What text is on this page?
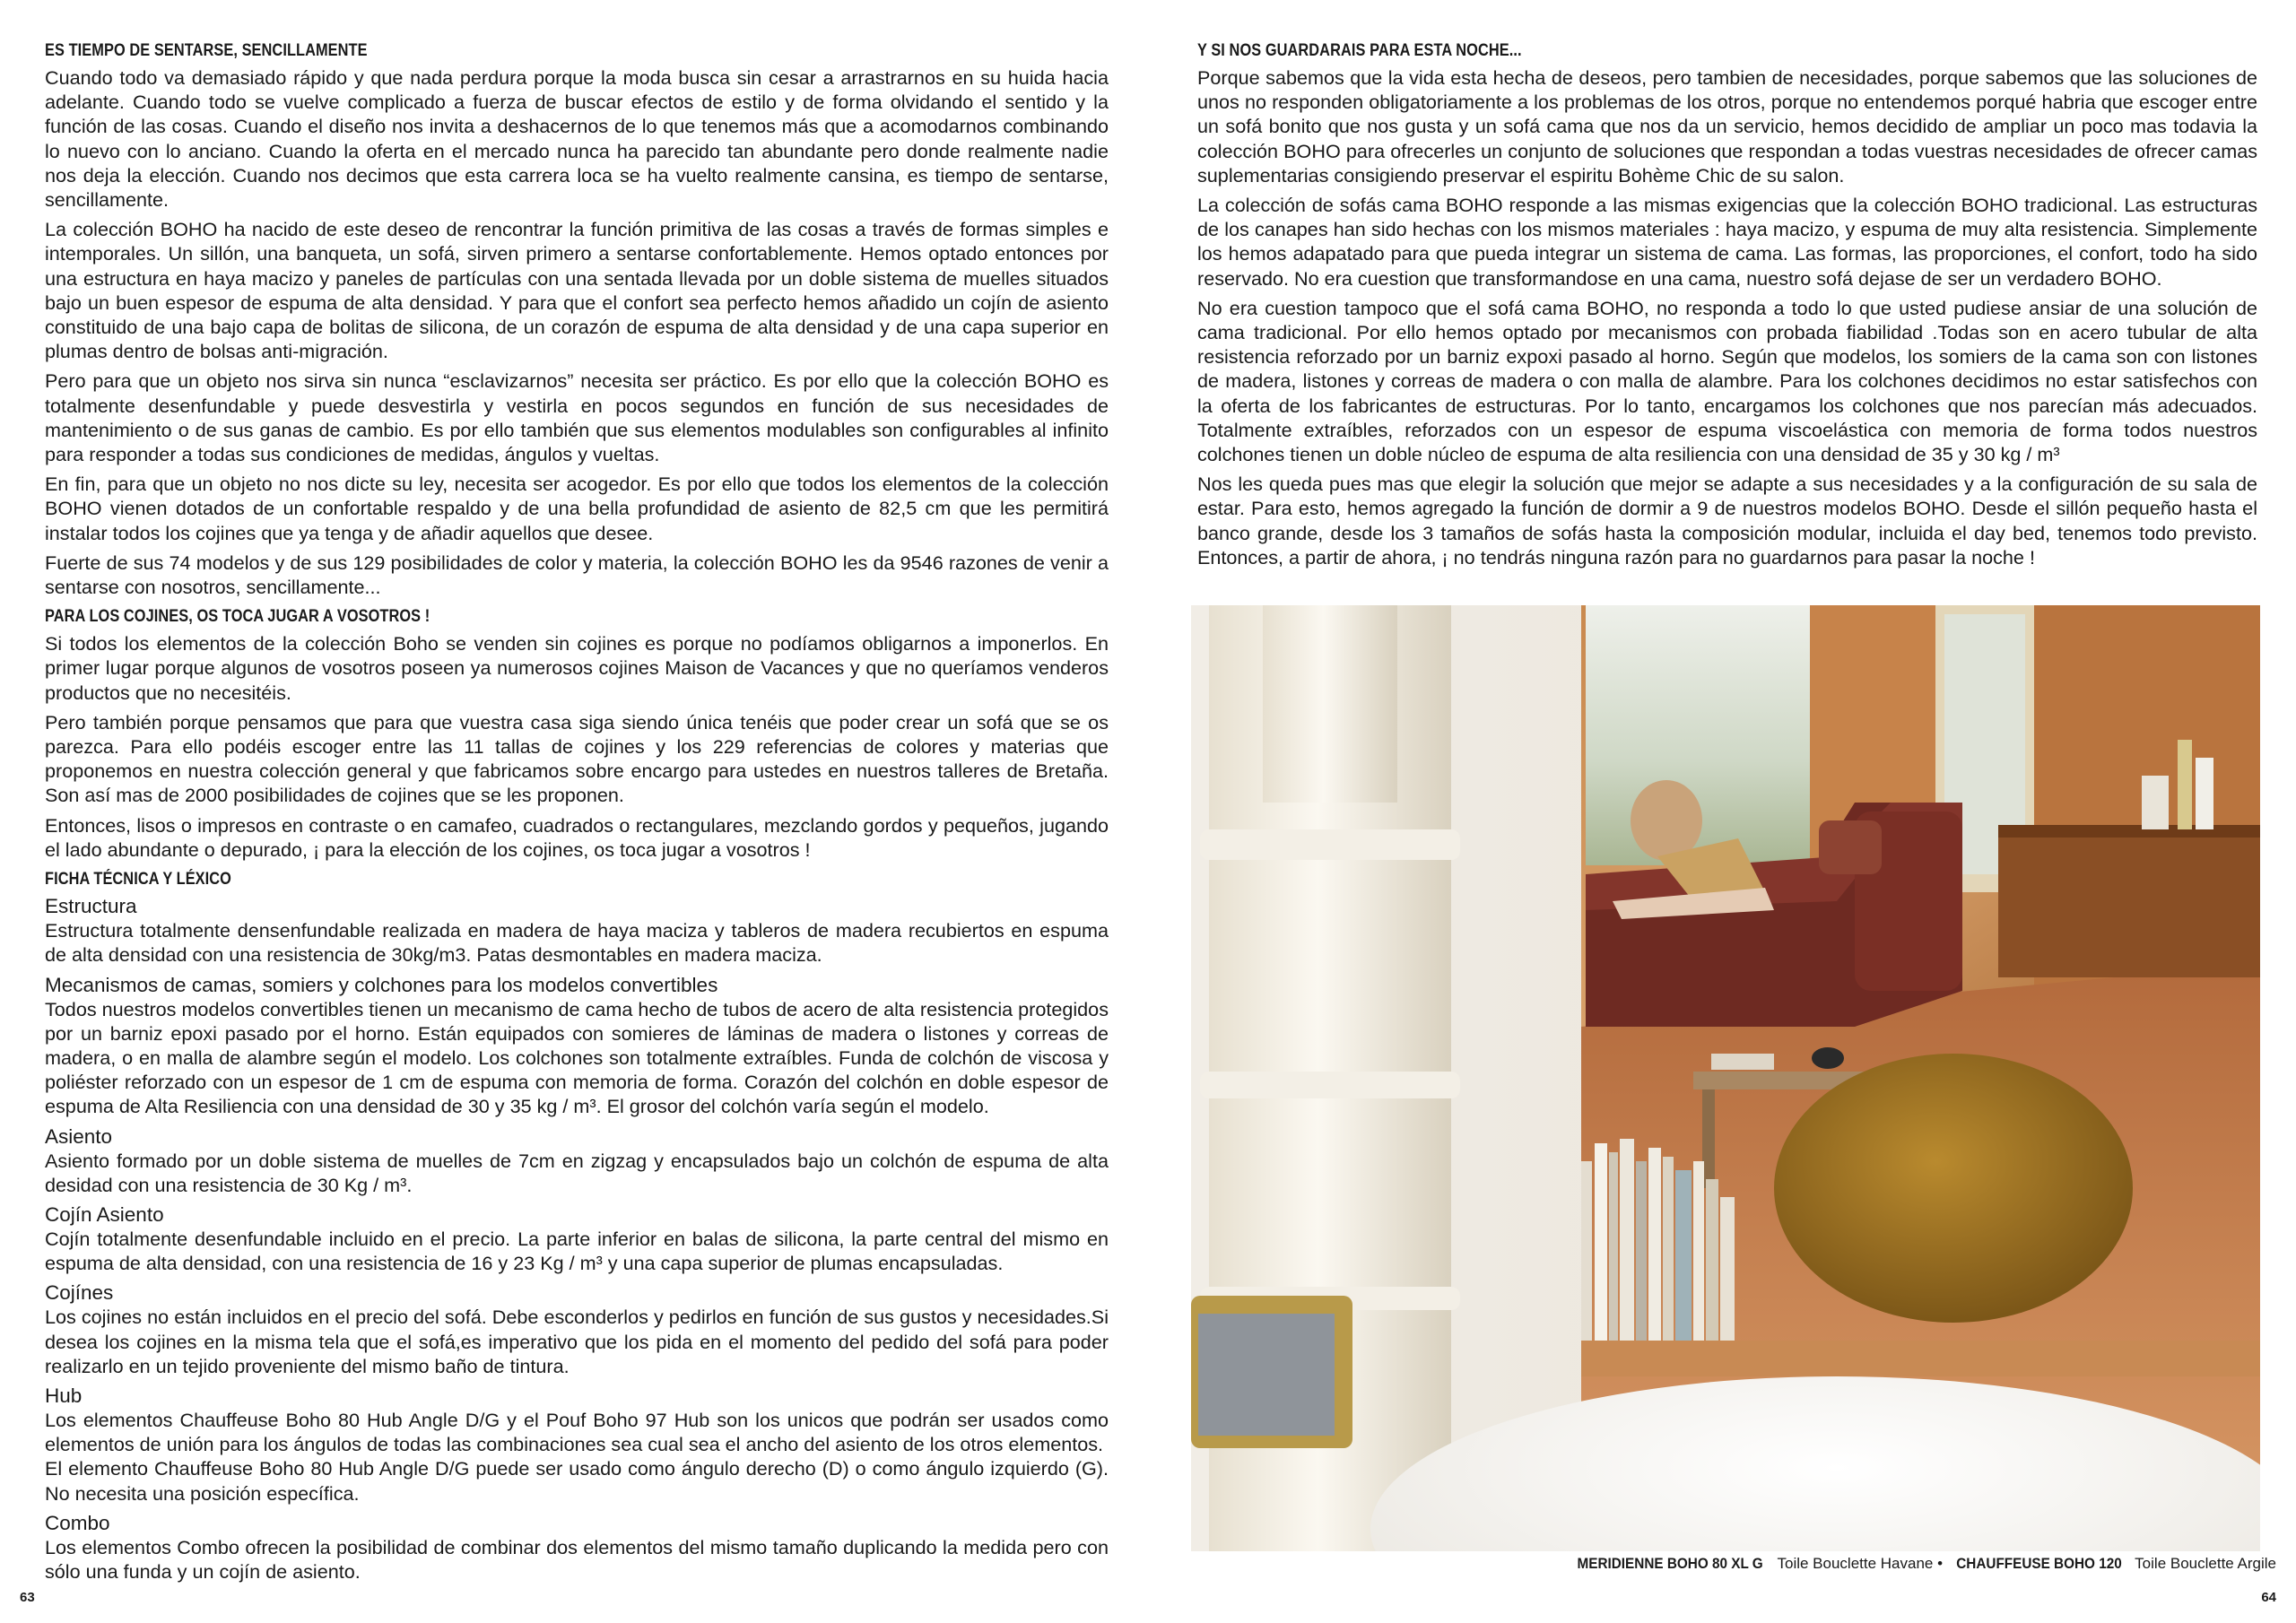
ES TIEMPO DE SENTARSE, SENCILLAMENTE

Cuando todo va demasiado rápido y que nada perdura porque la moda busca sin cesar a arrastrarnos en su huida hacia adelante. Cuando todo se vuelve complicado a fuerza de buscar efectos de estilo y de forma olvidando el sentido y la función de las cosas. Cuando el diseño nos invita a deshacernos de lo que tenemos más que a acomodarnos combinando lo nuevo con lo anciano. Cuando la oferta en el mercado nunca ha parecido tan abundante pero donde realmente nadie nos deja la elección. Cuando nos decimos que esta carrera loca se ha vuelto realmente cansina, es tiempo de sentarse, sencillamente.

La colección BOHO ha nacido de este deseo de rencontrar la función primitiva de las cosas a través de formas simples e intemporales. Un sillón, una banqueta, un sofá, sirven primero a sentarse confortablemente. Hemos optado entonces por una estructura en haya macizo y paneles de partículas con una sentada llevada por un doble sistema de muelles situados bajo un buen espesor de espuma de alta densidad. Y para que el confort sea perfecto hemos añadido un cojín de asiento constituido de una bajo capa de bolitas de silicona, de un corazón de espuma de alta densidad y de una capa superior en plumas dentro de bolsas anti-migración.

Pero para que un objeto nos sirva sin nunca “esclavizarnos” necesita ser práctico. Es por ello que la colección BOHO es totalmente desenfundable y puede desvestirla y vestirla en pocos segundos en función de sus necesidades de mantenimiento o de sus ganas de cambio. Es por ello también que sus elementos modulables son configurables al infinito para responder a todas sus condiciones de medidas, ángulos y vueltas.

En fin, para que un objeto no nos dicte su ley, necesita ser acogedor. Es por ello que todos los elementos de la colección BOHO vienen dotados de un confortable respaldo y de una bella profundidad de asiento de 82,5 cm que les permitirá instalar todos los cojines que ya tenga y de añadir aquellos que desee.

Fuerte de sus 74 modelos y de sus 129 posibilidades de color y materia, la colección BOHO les da 9546 razones de venir a sentarse con nosotros, sencillamente...

PARA LOS COJINES, OS TOCA JUGAR A VOSOTROS !

Si todos los elementos de la colección Boho se venden sin cojines es porque no podíamos obligarnos a imponerlos. En primer lugar porque algunos de vosotros poseen ya numerosos cojines Maison de Vacances y que no queríamos venderos productos que no necesitéis.

Pero también porque pensamos que para que vuestra casa siga siendo única tenéis que poder crear un sofá que se os parezca. Para ello podéis escoger entre las 11 tallas de cojines y los 229 referencias de colores y materias que proponemos en nuestra colección general y que fabricamos sobre encargo para ustedes en nuestros talleres de Bretaña. Son así mas de 2000 posibilidades de cojines que se les proponen.

Entonces, lisos o impresos en contraste o en camafeo, cuadrados o rectangulares, mezclando gordos y pequeños, jugando el lado abundante o depurado, ¡ para la elección de los cojines, os toca jugar a vosotros !

FICHA TÉCNICA Y LÉXICO
Estructura

Estructura totalmente densenfundable realizada en madera de haya maciza y tableros de madera recubiertos en espuma de alta densidad con una resistencia de 30kg/m3. Patas desmontables en madera maciza.

Mecanismos de camas, somiers y colchones para los modelos convertibles

Todos nuestros modelos convertibles tienen un mecanismo de cama hecho de tubos de acero de alta resistencia protegidos por un barniz epoxi pasado por el horno. Están equipados con somieres de láminas de madera o listones y correas de madera, o en malla de alambre según el modelo. Los colchones son totalmente extraíbles. Funda de colchón de viscosa y poliéster reforzado con un espesor de 1 cm de espuma con memoria de forma. Corazón del colchón en doble espesor de espuma de Alta Resiliencia con una densidad de 30 y 35 kg / m³. El grosor del colchón varía según el modelo.

Asiento

Asiento formado por un doble sistema de muelles de 7cm en zigzag y encapsulados bajo un colchón de espuma de alta desidad con una resistencia de 30 Kg / m³.

Cojín Asiento

Cojín totalmente desenfundable incluido en el precio. La parte inferior en balas de silicona, la parte central del mismo en espuma de alta densidad, con una resistencia de 16 y 23 Kg / m³ y una capa superior de plumas encapsuladas.

Cojínes

Los cojines no están incluidos en el precio del sofá. Debe esconderlos y pedirlos en función de sus gustos y necesidades.Si desea los cojines en la misma tela que el sofá,es imperativo que los pida en el momento del pedido del sofá para poder realizarlo en un tejido proveniente del mismo baño de tintura.

Hub

Los elementos Chauffeuse Boho 80 Hub Angle D/G y el Pouf Boho 97 Hub son los unicos que podrán ser usados como elementos de unión para los ángulos de todas las combinaciones sea cual sea el ancho del asiento de los otros elementos.

El elemento Chauffeuse Boho 80 Hub Angle D/G puede ser usado como ángulo derecho (D) o como ángulo izquierdo (G). No necesita una posición específica.

Combo

Los elementos Combo ofrecen la posibilidad de combinar dos elementos del mismo tamaño duplicando la medida pero con sólo una funda y un cojín de asiento.

63
Y SI NOS GUARDARAIS PARA ESTA NOCHE...

Porque sabemos que la vida esta hecha de deseos, pero tambien de necesidades, porque sabemos que las soluciones de unos no responden obligatoriamente a los problemas de los otros, porque no entendemos porqué habria que escoger entre un sofá bonito que nos gusta y un sofá cama que nos da un servicio, hemos decidido de ampliar un poco mas todavia la colección BOHO para ofrecerles un conjunto de soluciones que respondan a todas vuestras necesidades de ofrecer camas suplementarias consigiendo preservar el espiritu Bohème Chic de su salon.

La colección de sofás cama BOHO responde a las mismas exigencias que la colección BOHO tradicional. Las estructuras de los canapes han sido hechas con los mismos materiales : haya macizo, y espuma de muy alta resistencia. Simplemente los hemos adapatado para que pueda integrar un sistema de cama. Las formas, las proporciones, el confort, todo ha sido reservado. No era cuestion que transformandose en una cama, nuestro sofá dejase de ser un verdadero BOHO.

No era cuestion tampoco que el sofá cama BOHO, no responda a todo lo que usted pudiese ansiar de una solución de cama tradicional. Por ello hemos optado por mecanismos con probada fiabilidad .Todas son en acero tubular de alta resistencia reforzado por un barniz expoxi pasado al horno. Según que modelos, los somiers de la cama son con listones de madera, listones y correas de madera o con malla de alambre. Para los colchones decidimos no estar satisfechos con la oferta de los fabricantes de estructuras. Por lo tanto, encargamos los colchones que nos parecían más adecuados. Totalmente extraíbles, reforzados con un espesor de espuma viscoelástica con memoria de forma todos nuestros colchones tienen un doble núcleo de espuma de alta resiliencia con una densidad de 35 y 30 kg / m³

Nos les queda pues mas que elegir la solución que mejor se adapte a sus necesidades y a la configuración de su sala de estar. Para esto, hemos agregado la función de dormir a 9 de nuestros modelos BOHO. Desde el sillón pequeño hasta el banco grande, desde los 3 tamaños de sofás hasta la composición modular, incluida el day bed, tenemos todo previsto. Entonces, a partir de ahora, ¡ no tendrás ninguna razón para no guardarnos para pasar la noche !

MERIDIENNE BOHO 80 XL G Toile Bouclette Havane • CHAUFFEUSE BOHO 120 Toile Bouclette Argile
64
